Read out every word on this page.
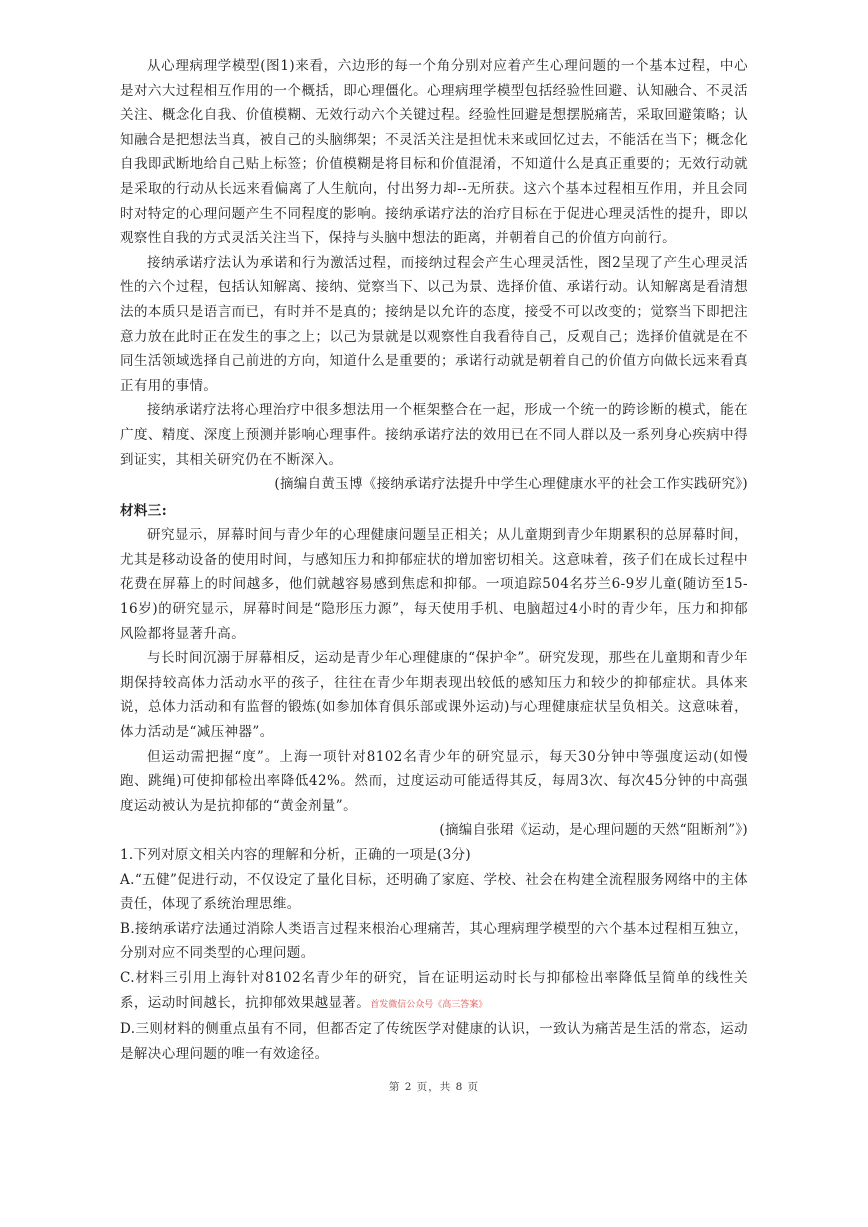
从心理病理学模型(图1)来看，六边形的每一个角分别对应着产生心理问题的一个基本过程，中心是对六大过程相互作用的一个概括，即心理僵化。心理病理学模型包括经验性回避、认知融合、不灵活关注、概念化自我、价值模糊、无效行动六个关键过程。经验性回避是想摆脱痛苦，采取回避策略；认知融合是把想法当真，被自己的头脑绑架；不灵活关注是担忧未来或回忆过去，不能活在当下；概念化自我即武断地给自己贴上标签；价值模糊是将目标和价值混淆，不知道什么是真正重要的；无效行动就是采取的行动从长远来看偏离了人生航向，付出努力却--无所获。这六个基本过程相互作用，并且会同时对特定的心理问题产生不同程度的影响。接纳承诺疗法的治疗目标在于促进心理灵活性的提升，即以观察性自我的方式灵活关注当下，保持与头脑中想法的距离，并朝着自己的价值方向前行。

接纳承诺疗法认为承诺和行为激活过程，而接纳过程会产生心理灵活性，图2呈现了产生心理灵活性的六个过程，包括认知解离、接纳、觉察当下、以己为景、选择价值、承诺行动。认知解离是看清想法的本质只是语言而已，有时并不是真的；接纳是以允许的态度，接受不可以改变的；觉察当下即把注意力放在此时正在发生的事之上；以己为景就是以观察性自我看待自己，反观自己；选择价值就是在不同生活领域选择自己前进的方向，知道什么是重要的；承诺行动就是朝着自己的价值方向做长远来看真正有用的事情。

接纳承诺疗法将心理治疗中很多想法用一个框架整合在一起，形成一个统一的跨诊断的模式，能在广度、精度、深度上预测并影响心理事件。接纳承诺疗法的效用已在不同人群以及一系列身心疾病中得到证实，其相关研究仍在不断深入。

(摘编自黄玉博《接纳承诺疗法提升中学生心理健康水平的社会工作实践研究》)

材料三:

研究显示，屏幕时间与青少年的心理健康问题呈正相关；从儿童期到青少年期累积的总屏幕时间，尤其是移动设备的使用时间，与感知压力和抑郁症状的增加密切相关。这意味着，孩子们在成长过程中花费在屏幕上的时间越多，他们就越容易感到焦虑和抑郁。一项追踪504名芬兰6-9岁儿童(随访至15-16岁)的研究显示，屏幕时间是“隐形压力源”，每天使用手机、电脑超过4小时的青少年，压力和抑郁风险都将显著升高。

与长时间沉溺于屏幕相反，运动是青少年心理健康的“保护伞”。研究发现，那些在儿童期和青少年期保持较高体力活动水平的孩子，往往在青少年期表现出较低的感知压力和较少的抑郁症状。具体来说，总体力活动和有监督的锻炼(如参加体育俱乐部或课外运动)与心理健康症状呈负相关。这意味着，体力活动是“减压神器”。

但运动需把握“度”。上海一项针对8102名青少年的研究显示，每天30分钟中等强度运动(如慢跑、跳绳)可使抑郁检出率降低42%。然而，过度运动可能适得其反，每周3次、每次45分钟的中高强度运动被认为是抗抑郁的“黄金剂量”。

(摘编自张珺《运动，是心理问题的天然“阻断剂”》)

1.下列对原文相关内容的理解和分析，正确的一项是(3分)

A.“五健”促进行动，不仅设定了量化目标，还明确了家庭、学校、社会在构建全流程服务网络中的主体责任，体现了系统治理思维。

B.接纳承诺疗法通过消除人类语言过程来根治心理痛苦，其心理病理学模型的六个基本过程相互独立，分别对应不同类型的心理问题。

C.材料三引用上海针对8102名青少年的研究，旨在证明运动时长与抑郁检出率降低呈简单的线性关系，运动时间越长，抗抑郁效果越显著。首发微信公众号《高三答案》

D.三则材料的侧重点虽有不同，但都否定了传统医学对健康的认识，一致认为痛苦是生活的常态，运动是解决心理问题的唯一有效途径。

第 2 页，共 8 页
